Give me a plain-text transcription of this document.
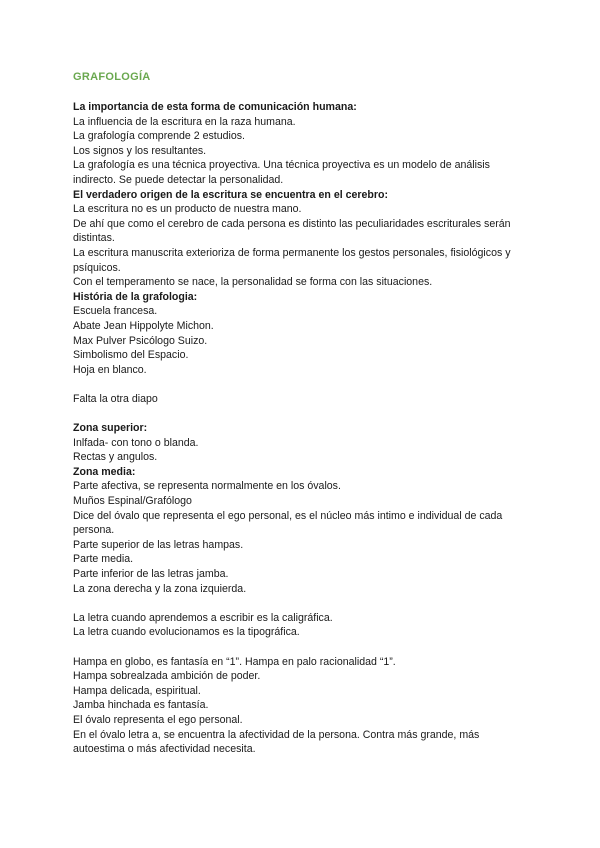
GRAFOLOGÍA

La importancia de esta forma de comunicación humana:

La influencia de la escritura en la raza humana.

La grafología comprende 2 estudios.

Los signos y los resultantes.

La grafología es una técnica proyectiva. Una técnica proyectiva es un modelo de análisis indirecto. Se puede detectar la personalidad.

El verdadero origen de la escritura se encuentra en el cerebro:

La escritura no es un producto de nuestra mano.

De ahí que como el cerebro de cada persona es distinto las peculiaridades escriturales serán distintas.

La escritura manuscrita exterioriza de forma permanente los gestos personales, fisiológicos y psíquicos.

Con el temperamento se nace, la personalidad se forma con las situaciones.

História de la grafologia:

Escuela francesa.

Abate Jean Hippolyte Michon.

Max Pulver Psicólogo Suizo.

Simbolismo del Espacio.

Hoja en blanco.

Falta la otra diapo

Zona superior:

Inlfada- con tono o blanda.

Rectas y angulos.

Zona media:

Parte afectiva, se representa normalmente en los óvalos.

Muños Espinal/Grafólogo

Dice del óvalo que representa el ego personal, es el núcleo más intimo e individual de cada persona.

Parte superior de las letras hampas.

Parte media.

Parte inferior de las letras jamba.

La zona derecha y la zona izquierda.

La letra cuando aprendemos a escribir es la caligráfica.

La letra cuando evolucionamos es la tipográfica.

Hampa en globo, es fantasía en “1”. Hampa en palo racionalidad “1”.

Hampa sobrealzada ambición de poder.

Hampa delicada, espiritual.

Jamba hinchada es fantasía.

El óvalo representa el ego personal.

En el óvalo letra a, se encuentra la afectividad de la persona. Contra más grande, más autoestima o más afectividad necesita.
